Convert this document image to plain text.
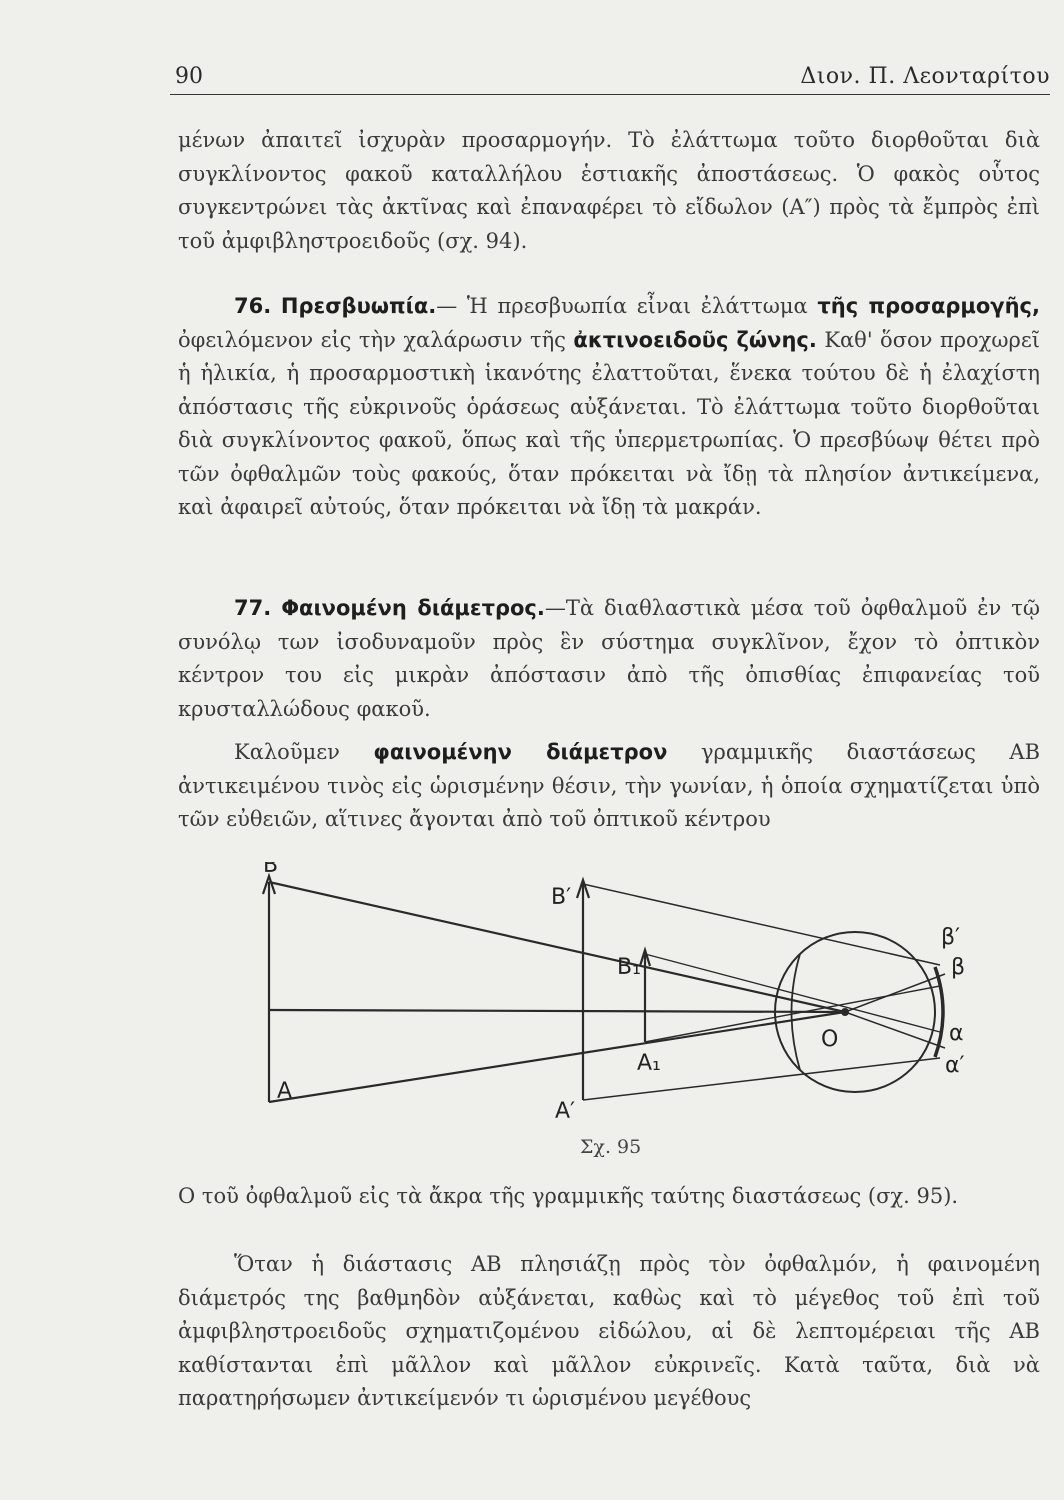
90	Διον. Π. Λεονταρίτου

μένων ἀπαιτεῖ ἰσχυρὰν προσαρμογήν. Τὸ ἐλάττωμα τοῦτο διορθοῦται διὰ συγκλίνοντος φακοῦ καταλλήλου ἑστιακῆς ἀποστάσεως. Ὁ φακὸς οὗτος συγκεντρώνει τὰς ἀκτῖνας καὶ ἐπαναφέρει τὸ εἴδωλον (Α″) πρὸς τὰ ἔμπρὸς ἐπὶ τοῦ ἀμφιβληστροειδοῦς (σχ. 94).

76. Πρεσβυωπία.— Ἡ πρεσβυωπία εἶναι ἐλάττωμα τῆς προσαρμογῆς, ὀφειλόμενον εἰς τὴν χαλάρωσιν τῆς ἀκτινοειδοῦς ζώνης. Καθ' ὅσον προχωρεῖ ἡ ἡλικία, ἡ προσαρμοστικὴ ἱκανότης ἐλαττοῦται, ἕνεκα τούτου δὲ ἡ ἐλαχίστη ἀπόστασις τῆς εὐκρινοῦς ὁράσεως αὐξάνεται. Τὸ ἐλάττωμα τοῦτο διορθοῦται διὰ συγκλίνοντος φακοῦ, ὅπως καὶ τῆς ὑπερμετρωπίας. Ὁ πρεσβύωψ θέτει πρὸ τῶν ὀφθαλμῶν τοὺς φακούς, ὅταν πρόκειται νὰ ἴδῃ τὰ πλησίον ἀντικείμενα, καὶ ἀφαιρεῖ αὐτούς, ὅταν πρόκειται νὰ ἴδῃ τὰ μακράν.

77. Φαινομένη διάμετρος.—Τὰ διαθλαστικὰ μέσα τοῦ ὀφθαλμοῦ ἐν τῷ συνόλῳ των ἰσοδυναμοῦν πρὸς ἓν σύστημα συγκλῖνον, ἔχον τὸ ὀπτικὸν κέντρον του εἰς μικρὰν ἀπόστασιν ἀπὸ τῆς ὀπισθίας ἐπιφανείας τοῦ κρυσταλλώδους φακοῦ.

Καλοῦμεν φαινομένην διάμετρον γραμμικῆς διαστάσεως ΑΒ ἀντικειμένου τινὸς εἰς ὡρισμένην θέσιν, τὴν γωνίαν, ἡ ὁποία σχηματίζεται ὑπὸ τῶν εὐθειῶν, αἵτινες ἄγονται ἀπὸ τοῦ ὀπτικοῦ κέντρου

Β
Α
Β′
Α′
Β₁
Α₁
Ο
β′
β
α
α′
Σχ. 95

Ο τοῦ ὀφθαλμοῦ εἰς τὰ ἄκρα τῆς γραμμικῆς ταύτης διαστάσεως (σχ. 95).

Ὅταν ἡ διάστασις ΑΒ πλησιάζῃ πρὸς τὸν ὀφθαλμόν, ἡ φαινομένη διάμετρός της βαθμηδὸν αὐξάνεται, καθὼς καὶ τὸ μέγεθος τοῦ ἐπὶ τοῦ ἀμφιβληστροειδοῦς σχηματιζομένου εἰδώλου, αἱ δὲ λεπτομέρειαι τῆς ΑΒ καθίστανται ἐπὶ μᾶλλον καὶ μᾶλλον εὐκρινεῖς. Κατὰ ταῦτα, διὰ νὰ παρατηρήσωμεν ἀντικείμενόν τι ὡρισμένου μεγέθους
